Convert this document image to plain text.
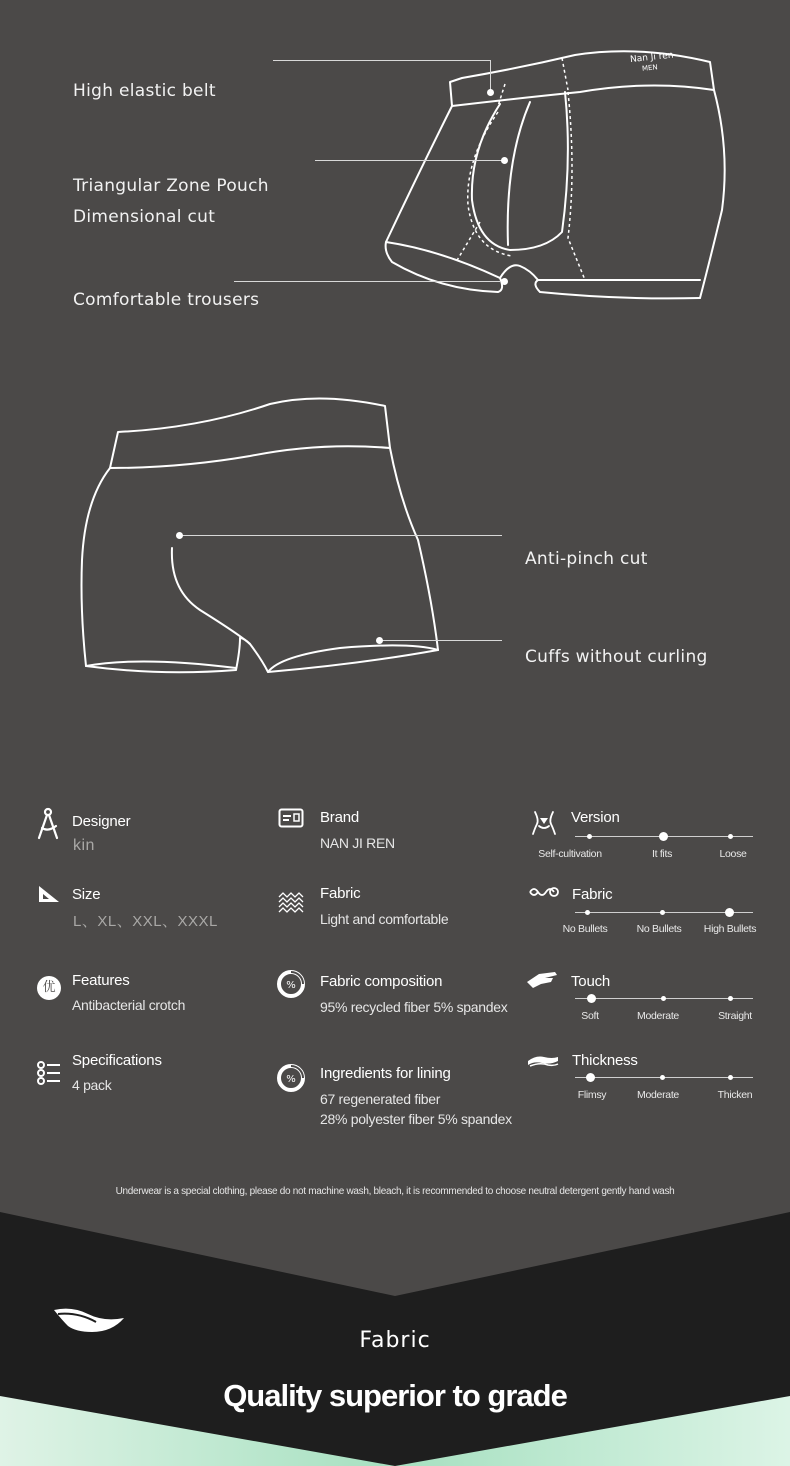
Nan Ji ren
MEN
High elastic belt
Triangular Zone Pouch
Dimensional cut
Comfortable trousers
Anti-pinch cut
Cuffs without curling
Designer
kin
Size
L、XL、XXL、XXXL
优	Features
Antibacterial crotch
Specifications
4 pack
Brand
NAN JI REN
Fabric
Light and comfortable
% Fabric composition
95% recycled fiber 5% spandex
% Ingredients for lining
67 regenerated fiber
28% polyester fiber 5% spandex
Version
Self-cultivation	It fits	Loose
Fabric
No Bullets	No Bullets High Bullets
Touch
Soft	Moderate	Straight
Thickness
Flimsy	Moderate	Thicken
Underwear is a special clothing, please do not machine wash, bleach, it is recommended to choose neutral detergent gently hand wash
Fabric
Quality superior to grade
